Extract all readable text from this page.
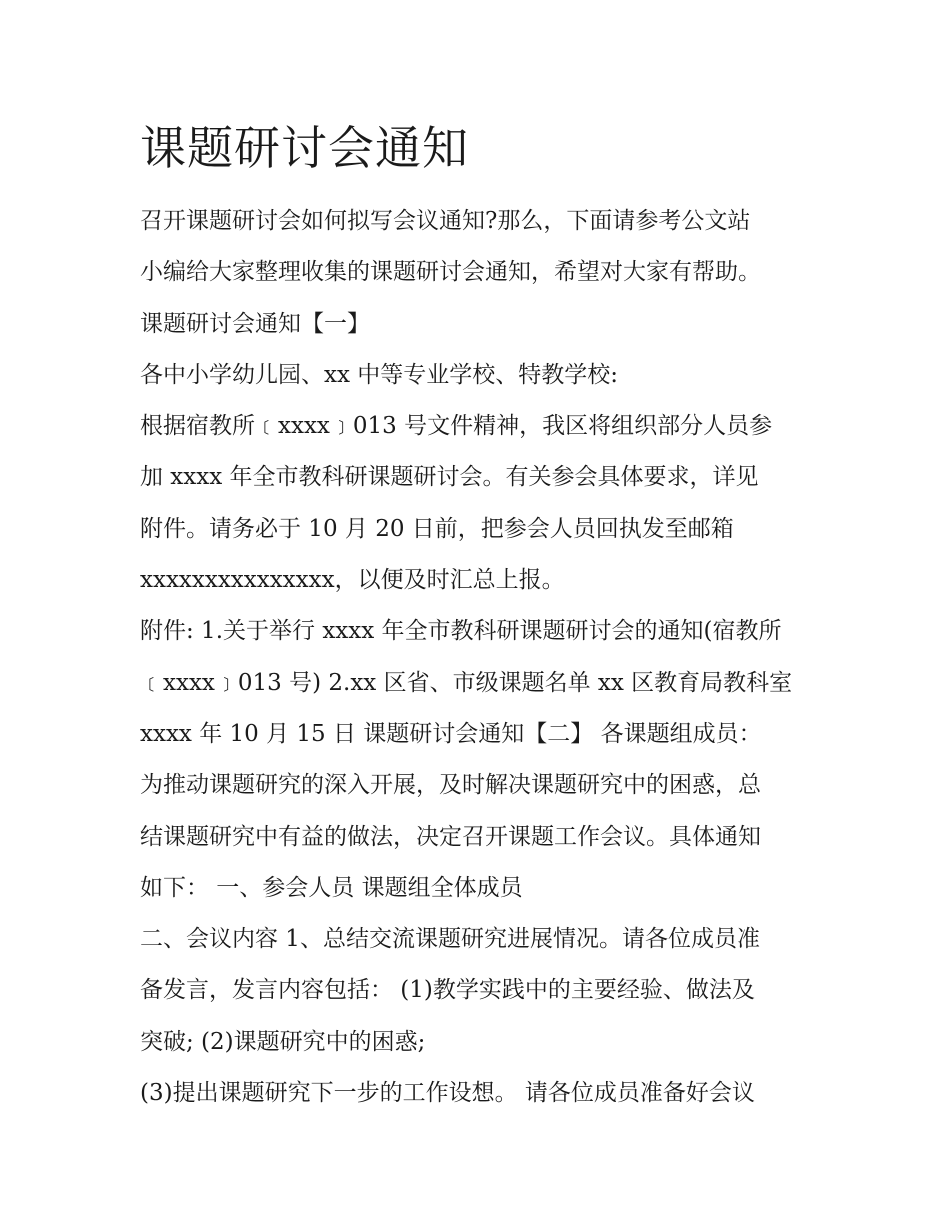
课题研讨会通知
召开课题研讨会如何拟写会议通知?那么，下面请参考公文站
小编给大家整理收集的课题研讨会通知，希望对大家有帮助。
课题研讨会通知【一】
各中小学幼儿园、xx 中等专业学校、特教学校:
根据宿教所﹝xxxx﹞013 号文件精神，我区将组织部分人员参
加 xxxx 年全市教科研课题研讨会。有关参会具体要求，详见
附件。请务必于 10 月 20 日前，把参会人员回执发至邮箱
xxxxxxxxxxxxxxx，以便及时汇总上报。
附件: 1.关于举行 xxxx 年全市教科研课题研讨会的通知(宿教所
﹝xxxx﹞013 号) 2.xx 区省、市级课题名单 xx 区教育局教科室
xxxx 年 10 月 15 日 课题研讨会通知【二】 各课题组成员：
为推动课题研究的深入开展，及时解决课题研究中的困惑，总
结课题研究中有益的做法，决定召开课题工作会议。具体通知
如下： 一、参会人员 课题组全体成员
二、会议内容 1、总结交流课题研究进展情况。请各位成员准
备发言，发言内容包括： (1)教学实践中的主要经验、做法及
突破; (2)课题研究中的困惑;
(3)提出课题研究下一步的工作设想。 请各位成员准备好会议
